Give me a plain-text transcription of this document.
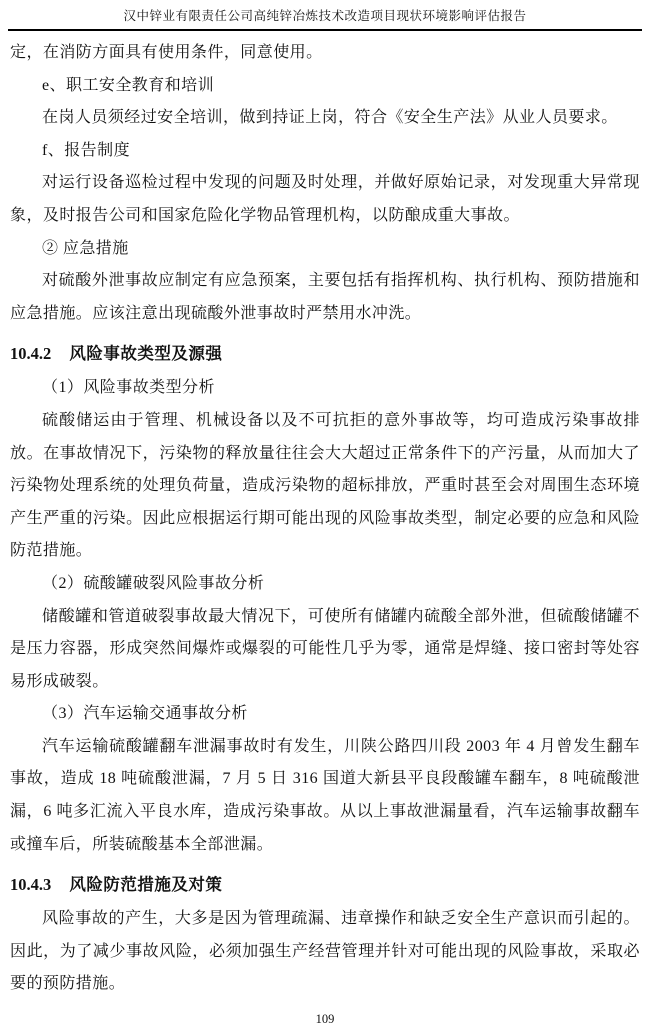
汉中锌业有限责任公司高纯锌冶炼技术改造项目现状环境影响评估报告

定，在消防方面具有使用条件，同意使用。

e、职工安全教育和培训

在岗人员须经过安全培训，做到持证上岗，符合《安全生产法》从业人员要求。

f、报告制度

对运行设备巡检过程中发现的问题及时处理，并做好原始记录，对发现重大异常现象，及时报告公司和国家危险化学物品管理机构，以防酿成重大事故。

② 应急措施

对硫酸外泄事故应制定有应急预案，主要包括有指挥机构、执行机构、预防措施和应急措施。应该注意出现硫酸外泄事故时严禁用水冲洗。

10.4.2 风险事故类型及源强

（1）风险事故类型分析

硫酸储运由于管理、机械设备以及不可抗拒的意外事故等，均可造成污染事故排放。在事故情况下，污染物的释放量往往会大大超过正常条件下的产污量，从而加大了污染物处理系统的处理负荷量，造成污染物的超标排放，严重时甚至会对周围生态环境产生严重的污染。因此应根据运行期可能出现的风险事故类型，制定必要的应急和风险防范措施。

（2）硫酸罐破裂风险事故分析

储酸罐和管道破裂事故最大情况下，可使所有储罐内硫酸全部外泄，但硫酸储罐不是压力容器，形成突然间爆炸或爆裂的可能性几乎为零，通常是焊缝、接口密封等处容易形成破裂。

（3）汽车运输交通事故分析

汽车运输硫酸罐翻车泄漏事故时有发生，川陕公路四川段 2003 年 4 月曾发生翻车事故，造成 18 吨硫酸泄漏，7 月 5 日 316 国道大新县平良段酸罐车翻车，8 吨硫酸泄漏，6 吨多汇流入平良水库，造成污染事故。从以上事故泄漏量看，汽车运输事故翻车或撞车后，所装硫酸基本全部泄漏。

10.4.3 风险防范措施及对策

风险事故的产生，大多是因为管理疏漏、违章操作和缺乏安全生产意识而引起的。因此，为了减少事故风险，必须加强生产经营管理并针对可能出现的风险事故，采取必要的预防措施。

109
